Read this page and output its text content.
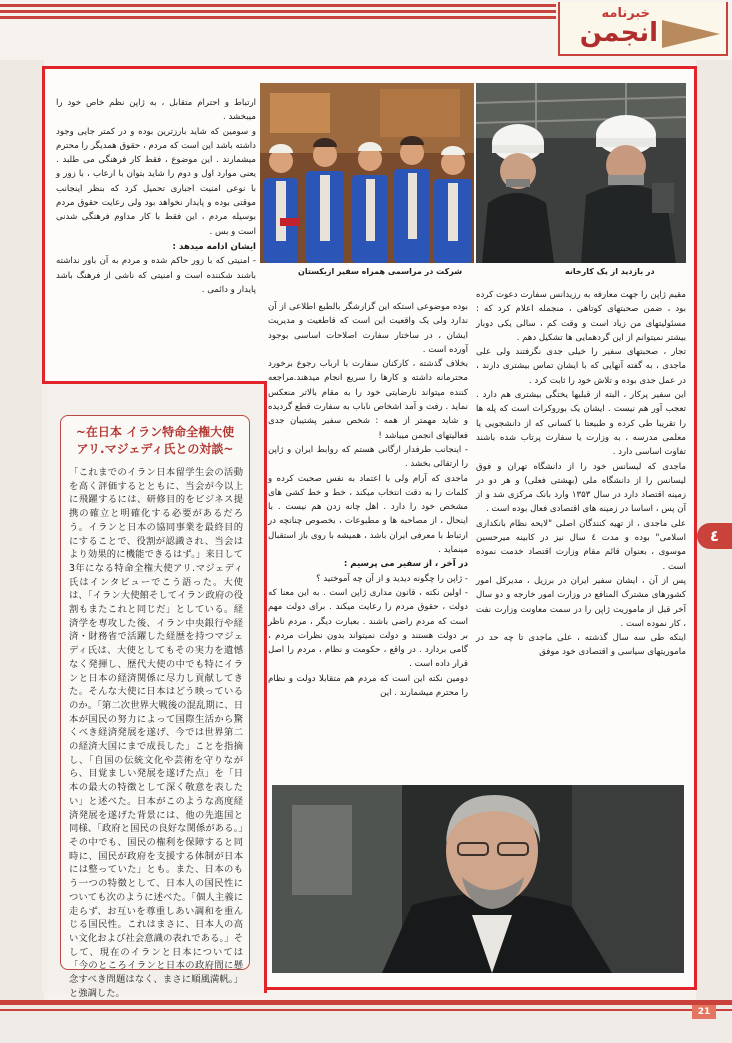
خبرنامه
انجمن

ارتباط و احترام متقابل ، به ژاپن نظم خاص خود را میبخشد .

و سومین که شاید بارزترین بوده و در کمتر جایی وجود داشته باشد این است که مردم ، حقوق همدیگر را محترم میشمارند . این موضوع ، فقط کار فرهنگی می طلبد . یعنی موارد اول و دوم را شاید بتوان با ارعاب ، با زور و با نوعی امنیت اجباری تحمیل کرد که بنظر اینجانب موقتی بوده و پایدار نخواهد بود ولی رعایت حقوق مردم بوسیله مردم ، این فقط با کار مداوم فرهنگی شدنی است و بس .

ایشان ادامه میدهد :

- امنیتی که با زور حاکم شده و مردم به آن باور نداشته باشند شکننده است و امنیتی که ناشی از فرهنگ باشد پایدار و دائمی .

شرکت در مراسمی همراه سفیر ازبکستان	در بازدید از یک کارخانه

بوده موضوعی استکه این گزارشگر بالطبع اطلاعی از آن ندارد ولی یک واقعیت این است که قاطعیت و مدیریت ایشان ، در ساختار سفارت اصلاحات اساسی بوجود آورده است .

بخلاف گذشته ، کارکنان سفارت با ارباب رجوع برخورد محترمانه داشته و کارها را سریع انجام میدهند.مراجعه کننده میتواند نارضایتی خود را به مقام بالاتر منعکس نماید . رفت و آمد اشخاص ناباب به سفارت قطع گردیده و شاید مهمتر از همه : شخص سفیر پشتیبان جدی فعالیتهای انجمن میباشد !

- اینجانب طرفدار ارگانی هستم که روابط ایران و ژاپن را ارتقائی بخشد .

ماجدی که آرام ولی با اعتماد به نفس صحبت کرده و کلمات را به دقت انتخاب میکند ، خط و خط کشی های مشخص خود را دارد . اهل چانه زدن هم نیست . با اینحال ، از مصاحبه ها و مطبوعات ، بخصوص چنانچه در ارتباط با معرفی ایران باشد ، همیشه با روی باز استقبال مینماید .

در آخر ، از سفیر می پرسیم :

- ژاپن را چگونه دیدید و از آن چه آموختید ؟

- اولین نکته ، قانون مداری ژاپن است . به این معنا که دولت ، حقوق مردم را رعایت میکند . برای دولت مهم است که مردم راضی باشند . بعبارت دیگر ، مردم ناظر بر دولت هستند و دولت نمیتواند بدون نظرات مردم ، گامی بردارد . در واقع ، حکومت و نظام ، مردم را اصل قرار داده است .

دومین نکته این است که مردم هم متقابلا دولت و نظام را محترم میشمارند . این

مقیم ژاپن را جهت معارفه به رزیدانس سفارت دعوت کرده بود ، ضمن صحبتهای کوتاهی ، منجمله اعلام کرد که : مسئولیتهای من زیاد است و وقت کم ، سالی یکی دوبار بیشتر نمیتوانم از این گردهمایی ها تشکیل دهم .

تجار ، صحبتهای سفیر را خیلی جدی نگرفتند ولی علی ماجدی ، به گفته آنهایی که با ایشان تماس بیشتری دارند ، در عمل جدی بوده و تلاش خود را ثابت کرد .

این سفیر پرکار ، البته از قبلیها یختگی بیشتری هم دارد . تعجب آور هم نیست . ایشان یک بوروکرات است که پله ها را تقریبا طی کرده و طبیعتا با کسانی که از دانشجویی یا معلمی مدرسه ، به وزارت یا سفارت پرتاب شده باشند تفاوت اساسی دارد .

ماجدی که لیسانس خود را از دانشگاه تهران و فوق لیسانس را از دانشگاه ملی (بهشتی فعلی) و هر دو در زمینه اقتصاد دارد در سال ۱۳۵۳ وارد بانک مرکزی شد و از آن پس ، اساسا در زمینه های اقتصادی فعال بوده است .

علی ماجدی ، از تهیه کنندگان اصلی "لایحه نظام بانکداری اسلامی" بوده و مدت ٤ سال نیز در کابینه میرحسین موسوی ، بعنوان قائم مقام وزارت اقتصاد خدمت نموده است .

پس از آن ، ایشان سفیر ایران در برزیل ، مدیرکل امور کشورهای مشترک المنافع در وزارت امور خارجه و دو سال آخر قبل از ماموریت ژاپن را در سمت معاونت وزارت نفت ، کار نموده است .

اینکه طی سه سال گذشته ، علی ماجدی تا چه حد در ماموریتهای سیاسی و اقتصادی خود موفق

~在日本 イラン特命全権大使
アリ.マジェディ氏との対談~
「これまでのイラン日本留学生会の活動を高く評価するとともに、当会が今以上に飛躍するには、研修目的をビジネス提携の確立と明確化する必要があるだろう。イランと日本の協同事業を最終目的にすることで、役割が認識され、当会はより効果的に機能できるはず。」来日して3年になる特命全権大使アリ.マジェディ氏はインタビューでこう語った。大使は、「イラン大使館そしてイラン政府の役割もまたこれと同じだ」としている。経済学を専攻した後、イラン中央銀行や経済・財務省で活躍した経歴を持つマジェディ氏は、大使としてもその実力を遺憾なく発揮し、歴代大使の中でも特にイランと日本の経済関係に尽力し貢献してきた。そんな大使に日本はどう映っているのか。「第二次世界大戦後の混乱期に、日本が国民の努力によって国際生活から驚くべき経済発展を遂げ、今では世界第二の経済大国にまで成長した」ことを指摘し、「自国の伝統文化や芸術を守りながら、目覚ましい発展を遂げた点」を「日本の最大の特徴として深く敬意を表したい」と述べた。日本がこのような高度経済発展を遂げた背景には、他の先進国と同様、「政府と国民の良好な関係がある。」その中でも、国民の権利を保障すると同時に、国民が政府を支援する体制が日本には整っていた」とも。また、日本のもう一つの特徴として、日本人の国民性についても次のように述べた。「個人主義に走らず、お互いを尊重しあい調和を重んじる国民性。これはまさに、日本人の高い文化および社会意識の表れである。」そして、現在のイランと日本については「今のところイランと日本の政府間に懸念すべき問題はなく、まさに順風満帆。」と強調した。
٤
21
